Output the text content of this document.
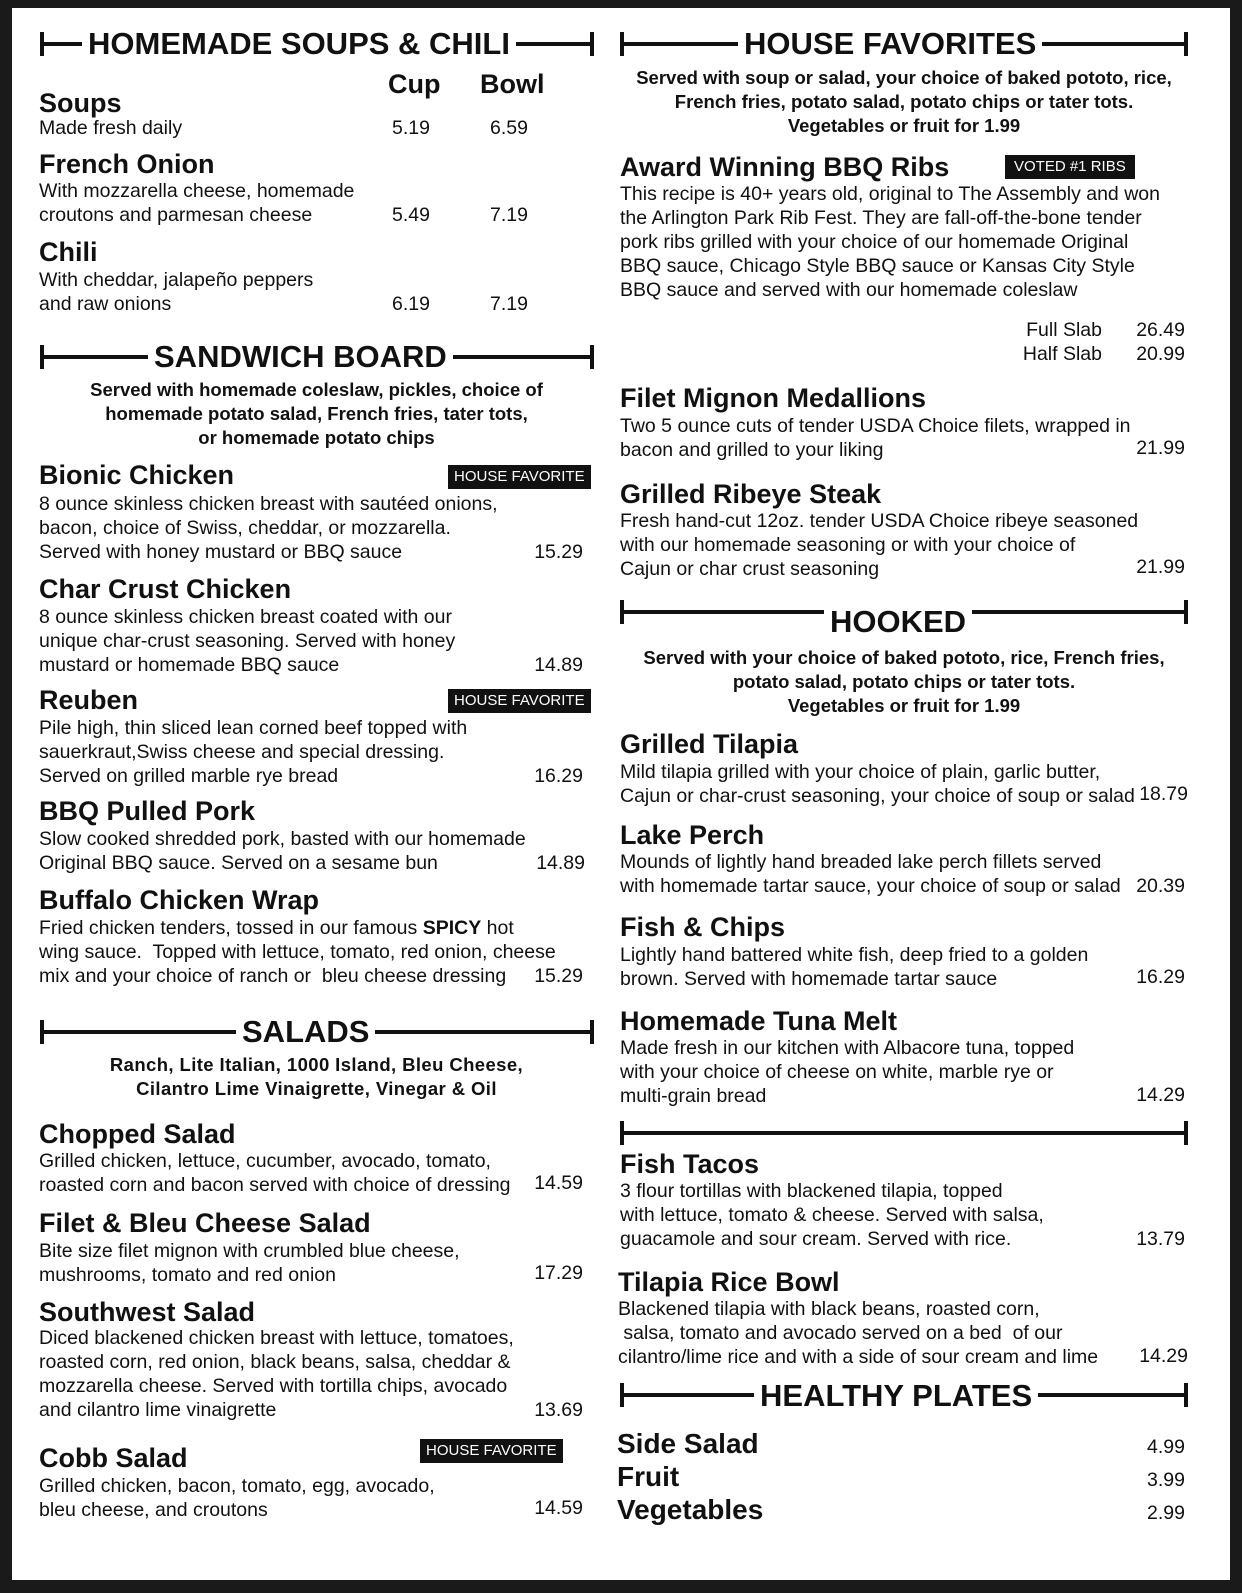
HOMEMADE SOUPS & CHILI
Cup Bowl
Soups
Made fresh daily	5.19	6.59
French Onion
With mozzarella cheese, homemade
croutons and parmesan cheese	5.49	7.19
Chili
With cheddar, jalapeño peppers
and raw onions	6.19	7.19
SANDWICH BOARD
Served with homemade coleslaw, pickles, choice of
homemade potato salad, French fries, tater tots,
or homemade potato chips
Bionic Chicken	HOUSE FAVORITE
8 ounce skinless chicken breast with sautéed onions,
bacon, choice of Swiss, cheddar, or mozzarella.
Served with honey mustard or BBQ sauce	15.29
Char Crust Chicken
8 ounce skinless chicken breast coated with our
unique char-crust seasoning. Served with honey
mustard or homemade BBQ sauce	14.89
Reuben	HOUSE FAVORITE
Pile high, thin sliced lean corned beef topped with
sauerkraut,Swiss cheese and special dressing.
Served on grilled marble rye bread	16.29
BBQ Pulled Pork
Slow cooked shredded pork, basted with our homemade
Original BBQ sauce. Served on a sesame bun	14.89
Buffalo Chicken Wrap
Fried chicken tenders, tossed in our famous SPICY hot
wing sauce.  Topped with lettuce, tomato, red onion, cheese
mix and your choice of ranch or  bleu cheese dressing	15.29
SALADS
Ranch, Lite Italian, 1000 Island, Bleu Cheese,
Cilantro Lime Vinaigrette, Vinegar & Oil
Chopped Salad
Grilled chicken, lettuce, cucumber, avocado, tomato,
roasted corn and bacon served with choice of dressing	14.59
Filet & Bleu Cheese Salad
Bite size filet mignon with crumbled blue cheese,
mushrooms, tomato and red onion	17.29
Southwest Salad
Diced blackened chicken breast with lettuce, tomatoes,
roasted corn, red onion, black beans, salsa, cheddar &
mozzarella cheese. Served with tortilla chips, avocado
and cilantro lime vinaigrette	13.69
Cobb Salad	HOUSE FAVORITE
Grilled chicken, bacon, tomato, egg, avocado,
bleu cheese, and croutons	14.59
HOUSE FAVORITES
Served with soup or salad, your choice of baked pototo, rice,
French fries, potato salad, potato chips or tater tots.
Vegetables or fruit for 1.99
Award Winning BBQ Ribs	VOTED #1 RIBS
This recipe is 40+ years old, original to The Assembly and won
the Arlington Park Rib Fest. They are fall-off-the-bone tender
pork ribs grilled with your choice of our homemade Original
BBQ sauce, Chicago Style BBQ sauce or Kansas City Style
BBQ sauce and served with our homemade coleslaw
Full Slab	26.49
Half Slab	20.99
Filet Mignon Medallions
Two 5 ounce cuts of tender USDA Choice filets, wrapped in
bacon and grilled to your liking	21.99
Grilled Ribeye Steak
Fresh hand-cut 12oz. tender USDA Choice ribeye seasoned
with our homemade seasoning or with your choice of
Cajun or char crust seasoning	21.99
HOOKED
Served with your choice of baked pototo, rice, French fries,
potato salad, potato chips or tater tots.
Vegetables or fruit for 1.99
Grilled Tilapia
Mild tilapia grilled with your choice of plain, garlic butter,
Cajun or char-crust seasoning, your choice of soup or salad 18.79
Lake Perch
Mounds of lightly hand breaded lake perch fillets served
with homemade tartar sauce, your choice of soup or salad 20.39
Fish & Chips
Lightly hand battered white fish, deep fried to a golden
brown. Served with homemade tartar sauce	16.29
Homemade Tuna Melt
Made fresh in our kitchen with Albacore tuna, topped
with your choice of cheese on white, marble rye or
multi-grain bread	14.29
Fish Tacos
3 flour tortillas with blackened tilapia, topped
with lettuce, tomato & cheese. Served with salsa,
guacamole and sour cream. Served with rice.	13.79
Tilapia Rice Bowl
Blackened tilapia with black beans, roasted corn,
salsa, tomato and avocado served on a bed  of our
cilantro/lime rice and with a side of sour cream and lime	14.29
HEALTHY PLATES
Side Salad	4.99
Fruit	3.99
Vegetables	2.99
